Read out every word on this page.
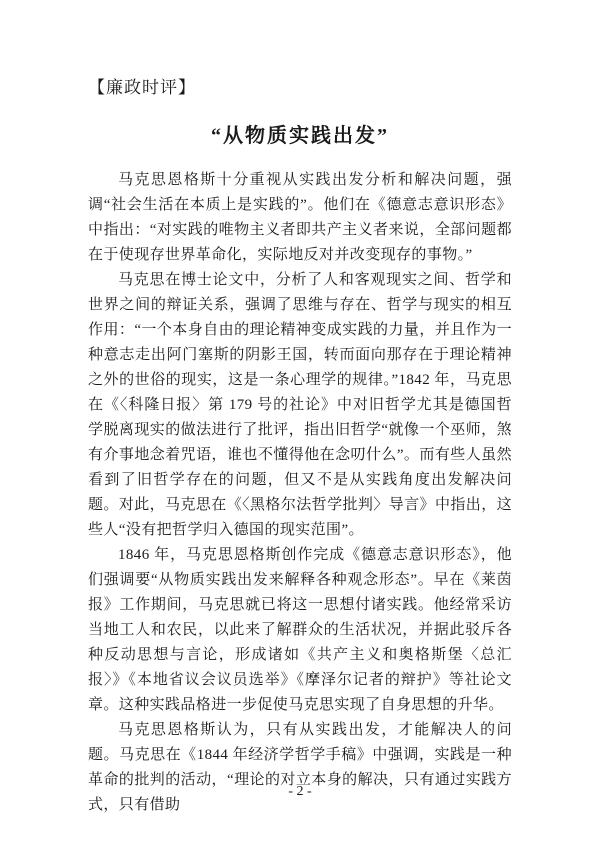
【廉政时评】
“从物质实践出发”

马克思恩格斯十分重视从实践出发分析和解决问题，强调“社会生活在本质上是实践的”。他们在《德意志意识形态》中指出：“对实践的唯物主义者即共产主义者来说，全部问题都在于使现存世界革命化，实际地反对并改变现存的事物。”

马克思在博士论文中，分析了人和客观现实之间、哲学和世界之间的辩证关系，强调了思维与存在、哲学与现实的相互作用：“一个本身自由的理论精神变成实践的力量，并且作为一种意志走出阿门塞斯的阴影王国，转而面向那存在于理论精神之外的世俗的现实，这是一条心理学的规律。”1842 年，马克思在《〈科隆日报〉第 179 号的社论》中对旧哲学尤其是德国哲学脱离现实的做法进行了批评，指出旧哲学“就像一个巫师，煞有介事地念着咒语，谁也不懂得他在念叨什么”。而有些人虽然看到了旧哲学存在的问题，但又不是从实践角度出发解决问题。对此，马克思在《〈黑格尔法哲学批判〉导言》中指出，这些人“没有把哲学归入德国的现实范围”。

1846 年，马克思恩格斯创作完成《德意志意识形态》，他们强调要“从物质实践出发来解释各种观念形态”。早在《莱茵报》工作期间，马克思就已将这一思想付诸实践。他经常采访当地工人和农民，以此来了解群众的生活状况，并据此驳斥各种反动思想与言论，形成诸如《共产主义和奥格斯堡〈总汇报〉》《本地省议会议员选举》《摩泽尔记者的辩护》等社论文章。这种实践品格进一步促使马克思实现了自身思想的升华。

马克思恩格斯认为，只有从实践出发，才能解决人的问题。马克思在《1844 年经济学哲学手稿》中强调，实践是一种革命的批判的活动，“理论的对立本身的解决，只有通过实践方式，只有借助

- 2 -
